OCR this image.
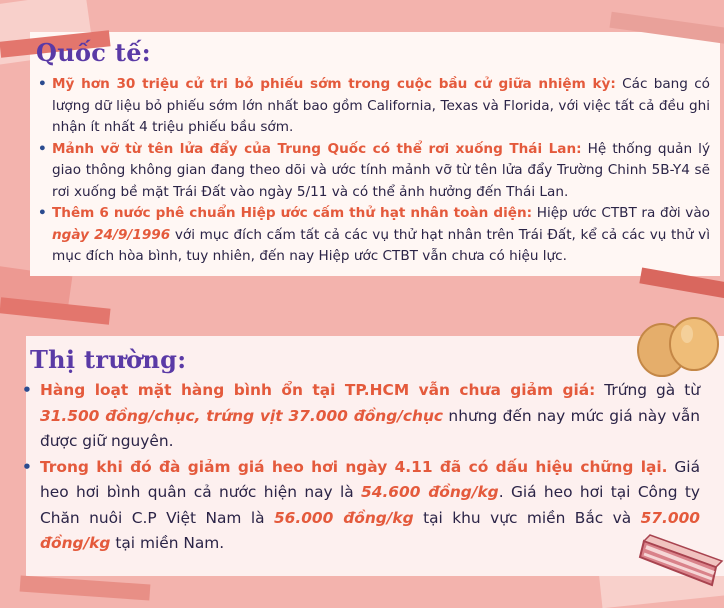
Quốc tế:
• Mỹ hơn 30 triệu cử tri bỏ phiếu sớm trong cuộc bầu cử giữa nhiệm kỳ: Các bang có lượng dữ liệu bỏ phiếu sớm lớn nhất bao gồm California, Texas và Florida, với việc tất cả đều ghi nhận ít nhất 4 triệu phiếu bầu sớm.
• Mảnh vỡ từ tên lửa đẩy của Trung Quốc có thể rơi xuống Thái Lan: Hệ thống quản lý giao thông không gian đang theo dõi và ước tính mảnh vỡ từ tên lửa đẩy Trường Chinh 5B-Y4 sẽ rơi xuống bề mặt Trái Đất vào ngày 5/11 và có thể ảnh hưởng đến Thái Lan.
• Thêm 6 nước phê chuẩn Hiệp ước cấm thử hạt nhân toàn diện: Hiệp ước CTBT ra đời vào ngày 24/9/1996 với mục đích cấm tất cả các vụ thử hạt nhân trên Trái Đất, kể cả các vụ thử vì mục đích hòa bình, tuy nhiên, đến nay Hiệp ước CTBT vẫn chưa có hiệu lực.
Thị trường:
• Hàng loạt mặt hàng bình ổn tại TP.HCM vẫn chưa giảm giá: Trứng gà từ 31.500 đồng/chục, trứng vịt 37.000 đồng/chục nhưng đến nay mức giá này vẫn được giữ nguyên.
• Trong khi đó đà giảm giá heo hơi ngày 4.11 đã có dấu hiệu chững lại. Giá heo hơi bình quân cả nước hiện nay là 54.600 đồng/kg. Giá heo hơi tại Công ty Chăn nuôi C.P Việt Nam là 56.000 đồng/kg tại khu vực miền Bắc và 57.000 đồng/kg tại miền Nam.
